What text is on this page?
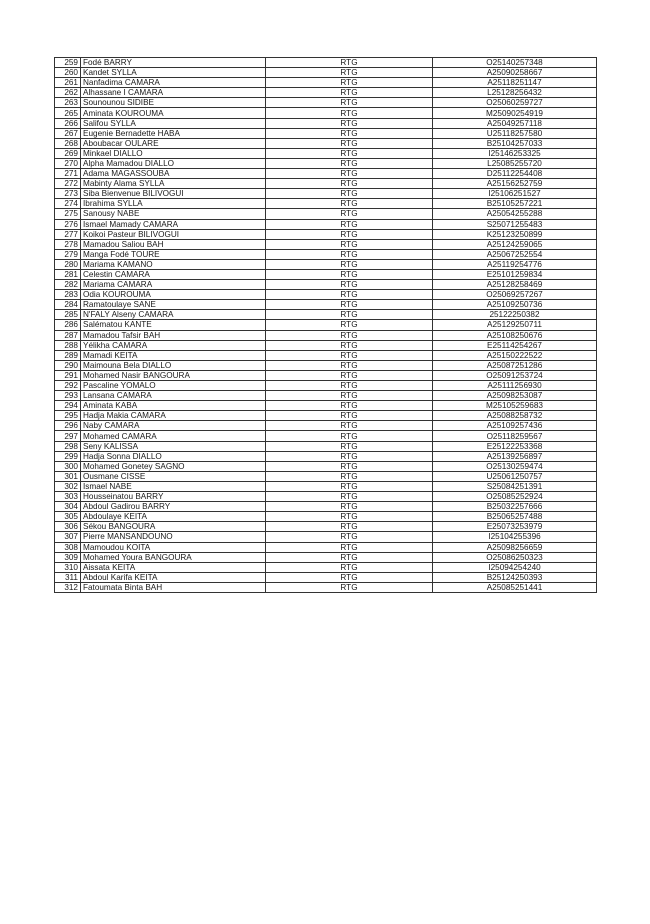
259	Fodé BARRY	RTG	O25140257348
260	Kandet SYLLA	RTG	A25090258667
261	Nanfadima CAMARA	RTG	A25118251147
262	Alhassane I CAMARA	RTG	L25128256432
263	Sounounou SIDIBE	RTG	O25060259727
265	Aminata KOUROUMA	RTG	M25090254919
266	Salifou SYLLA	RTG	A25049257118
267	Eugenie Bernadette HABA	RTG	U25118257580
268	Aboubacar OULARE	RTG	B25104257033
269	Minkael DIALLO	RTG	I25146253325
270	Alpha Mamadou DIALLO	RTG	L25085255720
271	Adama MAGASSOUBA	RTG	D25112254408
272	Mabinty Alama SYLLA	RTG	A25156252759
273	Siba Bienvenue BILIVOGUI	RTG	I25106251527
274	Ibrahima SYLLA	RTG	B25105257221
275	Sanousy NABE	RTG	A25054255288
276	Ismael Mamady CAMARA	RTG	S25071255483
277	Koikoi Pasteur BILIVOGUI	RTG	K25123250899
278	Mamadou Saliou BAH	RTG	A25124259065
279	Manga Fodé TOURE	RTG	A25067252554
280	Mariama KAMANO	RTG	A25119254776
281	Celestin CAMARA	RTG	E25101259834
282	Mariama CAMARA	RTG	A25128258469
283	Odia KOUROUMA	RTG	O25069257267
284	Ramatoulaye SANE	RTG	A25109250736
285	N'FALY Alseny CAMARA	RTG	25122250382
286	Salématou KANTE	RTG	A25129250711
287	Mamadou Tafsir BAH	RTG	A25108250676
288	Yélikha CAMARA	RTG	E25114254267
289	Mamadi KEITA	RTG	A25150222522
290	Maimouna Bela DIALLO	RTG	A25087251286
291	Mohamed Nasir BANGOURA	RTG	O25091253724
292	Pascaline YOMALO	RTG	A25111256930
293	Lansana CAMARA	RTG	A25098253087
294	Aminata KABA	RTG	M25105259683
295	Hadja Makia CAMARA	RTG	A25088258732
296	Naby CAMARA	RTG	A25109257436
297	Mohamed CAMARA	RTG	O25118259567
298	Seny KALISSA	RTG	E25122253368
299	Hadja Sonna DIALLO	RTG	A25139256897
300	Mohamed Gonetey SAGNO	RTG	O25130259474
301	Ousmane CISSE	RTG	U25061250757
302	Ismael NABE	RTG	S25084251391
303	Housseinatou BARRY	RTG	O25085252924
304	Abdoul Gadirou BARRY	RTG	B25032257666
305	Abdoulaye KEITA	RTG	B25065257488
306	Sékou BANGOURA	RTG	E25073253979
307	Pierre MANSANDOUNO	RTG	I25104255396
308	Mamoudou KOITA	RTG	A25098256659
309	Mohamed Youra BANGOURA	RTG	O25086250323
310	Aissata KEITA	RTG	I25094254240
311	Abdoul Karifa KEITA	RTG	B25124250393
312	Fatoumata Binta BAH	RTG	A25085251441
